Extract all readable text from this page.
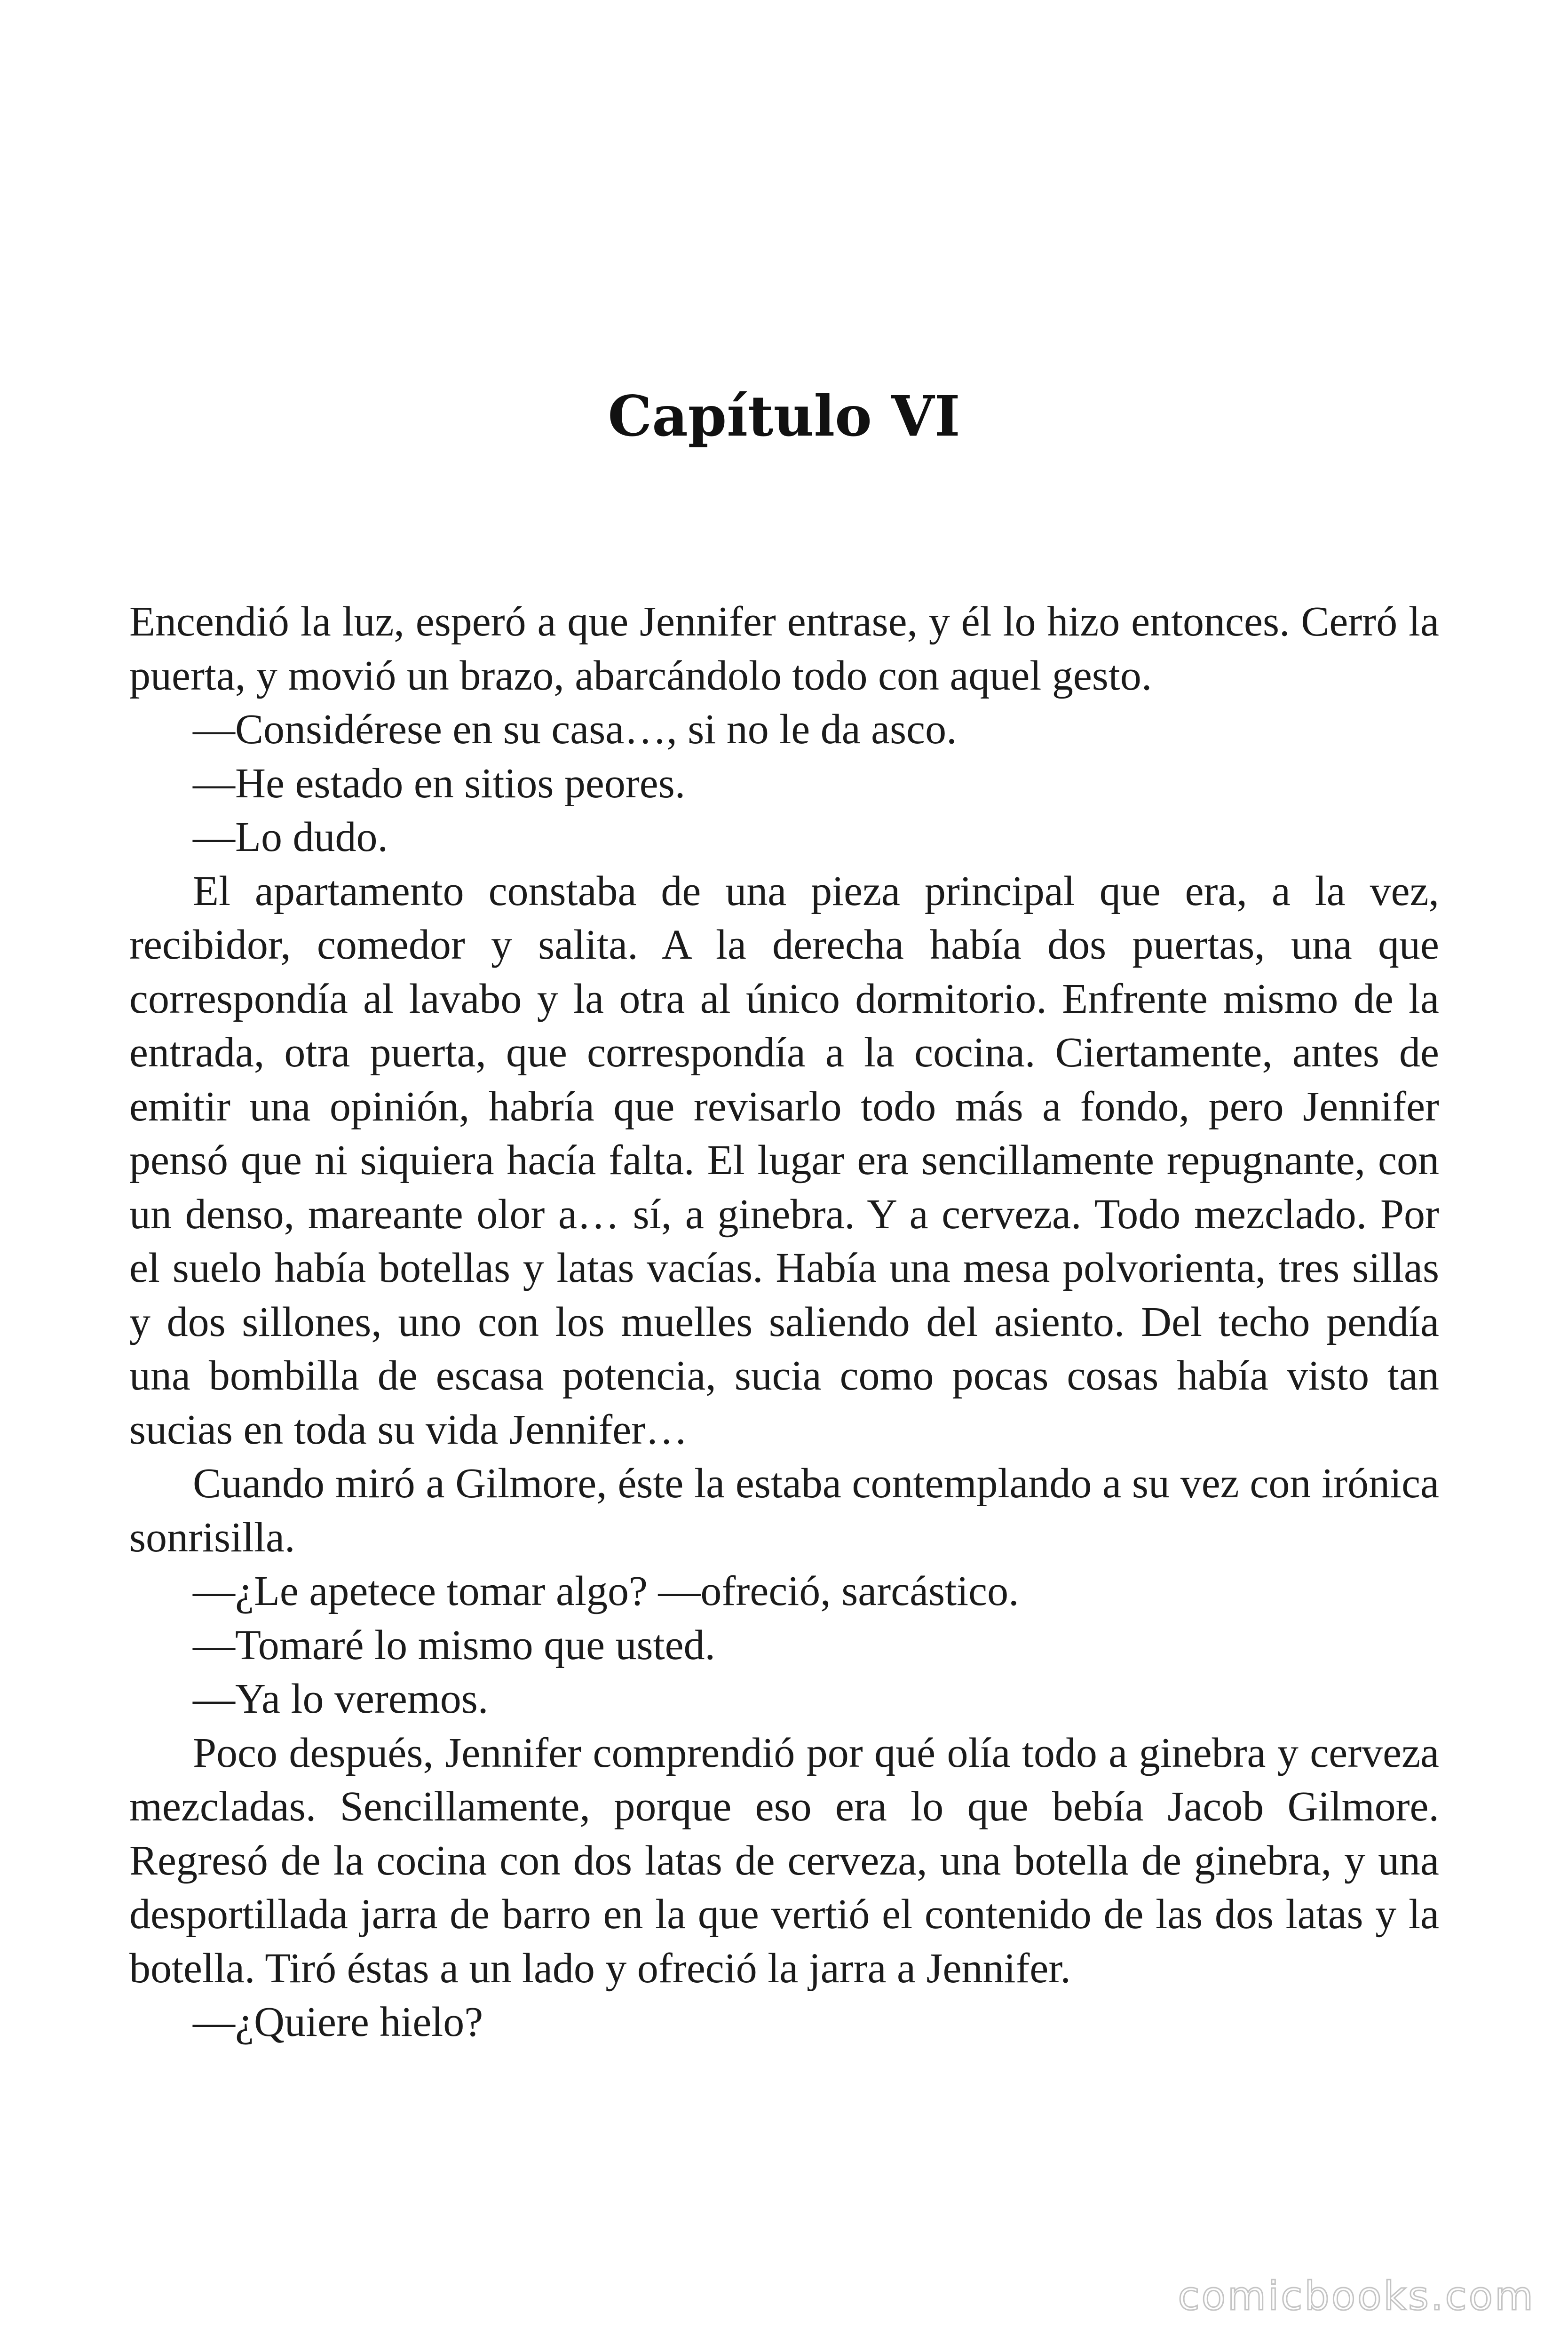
Capítulo VI

Encendió la luz, esperó a que Jennifer entrase, y él lo hizo entonces. Cerró la puerta, y movió un brazo, abarcándolo todo con aquel gesto.

—Considérese en su casa…, si no le da asco.

—He estado en sitios peores.

—Lo dudo.

El apartamento constaba de una pieza principal que era, a la vez, recibidor, comedor y salita. A la derecha había dos puertas, una que correspondía al lavabo y la otra al único dormitorio. Enfrente mismo de la entrada, otra puerta, que correspondía a la cocina. Ciertamente, antes de emitir una opinión, habría que revisarlo todo más a fondo, pero Jennifer pensó que ni siquiera hacía falta. El lugar era sencillamente repugnante, con un denso, mareante olor a… sí, a ginebra. Y a cerveza. Todo mezclado. Por el suelo había botellas y latas vacías. Había una mesa polvorienta, tres sillas y dos sillones, uno con los muelles saliendo del asiento. Del techo pendía una bombilla de escasa potencia, sucia como pocas cosas había visto tan sucias en toda su vida Jennifer…

Cuando miró a Gilmore, éste la estaba contemplando a su vez con irónica sonrisilla.

—¿Le apetece tomar algo? —ofreció, sarcástico.

—Tomaré lo mismo que usted.

—Ya lo veremos.

Poco después, Jennifer comprendió por qué olía todo a ginebra y cerveza mezcladas. Sencillamente, porque eso era lo que bebía Jacob Gilmore. Regresó de la cocina con dos latas de cerveza, una botella de ginebra, y una desportillada jarra de barro en la que vertió el contenido de las dos latas y la botella. Tiró éstas a un lado y ofreció la jarra a Jennifer.

—¿Quiere hielo?

comicbooks.com
